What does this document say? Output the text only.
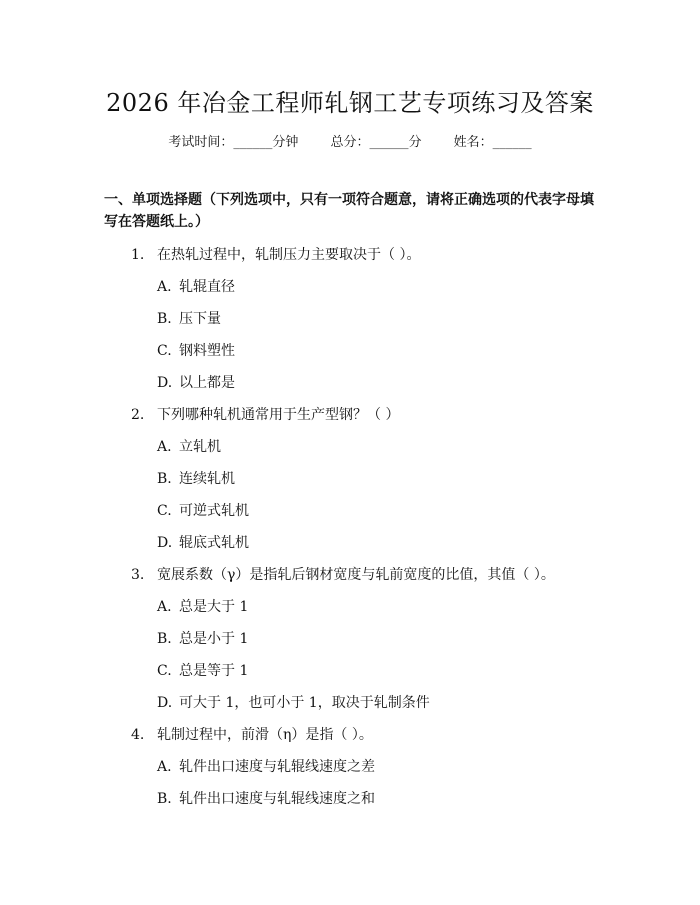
2026 年冶金工程师轧钢工艺专项练习及答案
考试时间：______分钟 总分：______分 姓名：______
一、单项选择题（下列选项中，只有一项符合题意，请将正确选项的代表字母填写在答题纸上。）
1. 在热轧过程中，轧制压力主要取决于（ ）。
A. 轧辊直径
B. 压下量
C. 钢料塑性
D. 以上都是
2. 下列哪种轧机通常用于生产型钢？（ ）
A. 立轧机
B. 连续轧机
C. 可逆式轧机
D. 辊底式轧机
3. 宽展系数（γ）是指轧后钢材宽度与轧前宽度的比值，其值（ ）。
A. 总是大于 1
B. 总是小于 1
C. 总是等于 1
D. 可大于 1，也可小于 1，取决于轧制条件
4. 轧制过程中，前滑（η）是指（ ）。
A. 轧件出口速度与轧辊线速度之差
B. 轧件出口速度与轧辊线速度之和
